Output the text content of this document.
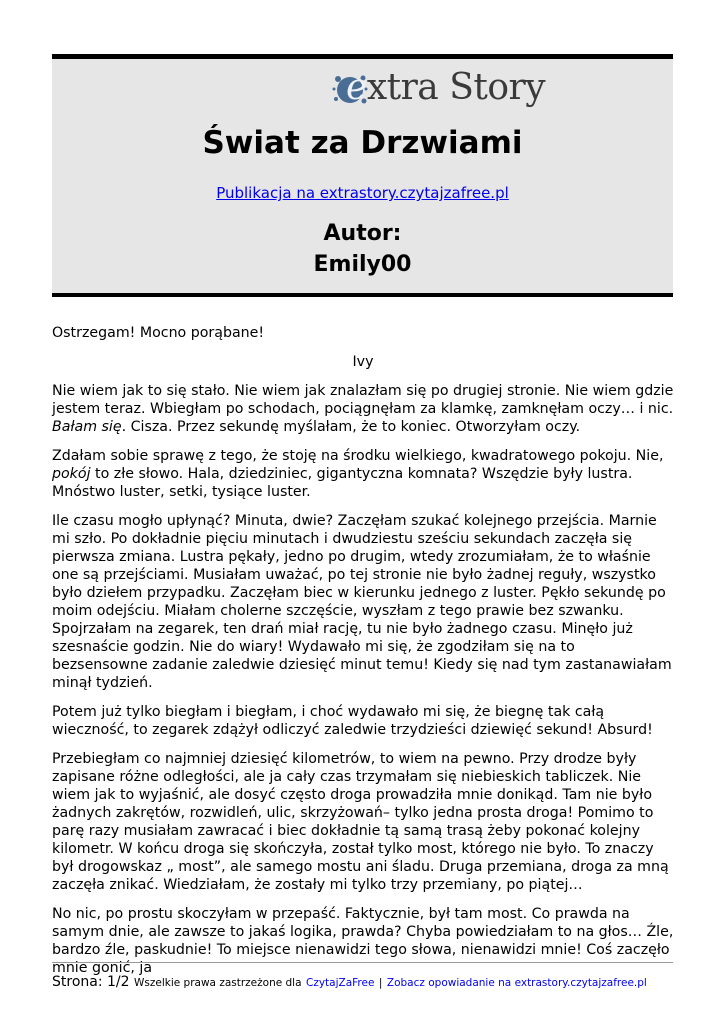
extra Story
Świat za Drzwiami
Publikacja na extrastory.czytajzafree.pl
Autor:
Emily00

Ostrzegam! Mocno porąbane!

Ivy

Nie wiem jak to się stało. Nie wiem jak znalazłam się po drugiej stronie. Nie wiem gdzie jestem teraz. Wbiegłam po schodach, pociągnęłam za klamkę, zamknęłam oczy… i nic. Bałam się. Cisza. Przez sekundę myślałam, że to koniec. Otworzyłam oczy.

Zdałam sobie sprawę z tego, że stoję na środku wielkiego, kwadratowego pokoju. Nie, pokój to złe słowo. Hala, dziedziniec, gigantyczna komnata? Wszędzie były lustra. Mnóstwo luster, setki, tysiące luster.

Ile czasu mogło upłynąć? Minuta, dwie? Zaczęłam szukać kolejnego przejścia. Marnie mi szło. Po dokładnie pięciu minutach i dwudziestu sześciu sekundach zaczęła się pierwsza zmiana. Lustra pękały, jedno po drugim, wtedy zrozumiałam, że to właśnie one są przejściami. Musiałam uważać, po tej stronie nie było żadnej reguły, wszystko było dziełem przypadku. Zaczęłam biec w kierunku jednego z luster. Pękło sekundę po moim odejściu. Miałam cholerne szczęście, wyszłam z tego prawie bez szwanku. Spojrzałam na zegarek, ten drań miał rację, tu nie było żadnego czasu. Minęło już szesnaście godzin. Nie do wiary! Wydawało mi się, że zgodziłam się na to bezsensowne zadanie zaledwie dziesięć minut temu! Kiedy się nad tym zastanawiałam minął tydzień.

Potem już tylko biegłam i biegłam, i choć wydawało mi się, że biegnę tak całą wieczność, to zegarek zdążył odliczyć zaledwie trzydzieści dziewięć sekund! Absurd!

Przebiegłam co najmniej dziesięć kilometrów, to wiem na pewno. Przy drodze były zapisane różne odległości, ale ja cały czas trzymałam się niebieskich tabliczek. Nie wiem jak to wyjaśnić, ale dosyć często droga prowadziła mnie donikąd. Tam nie było żadnych zakrętów, rozwidleń, ulic, skrzyżowań– tylko jedna prosta droga! Pomimo to parę razy musiałam zawracać i biec dokładnie tą samą trasą żeby pokonać kolejny kilometr. W końcu droga się skończyła, został tylko most, którego nie było. To znaczy był drogowskaz „ most”, ale samego mostu ani śladu. Druga przemiana, droga za mną zaczęła znikać. Wiedziałam, że zostały mi tylko trzy przemiany, po piątej…

No nic, po prostu skoczyłam w przepaść. Faktycznie, był tam most. Co prawda na samym dnie, ale zawsze to jakaś logika, prawda? Chyba powiedziałam to na głos… Źle, bardzo źle, paskudnie! To miejsce nienawidzi tego słowa, nienawidzi mnie! Coś zaczęło mnie gonić, ja

Strona: 1/2 Wszelkie prawa zastrzeżone dla CzytajZaFree | Zobacz opowiadanie na extrastory.czytajzafree.pl
